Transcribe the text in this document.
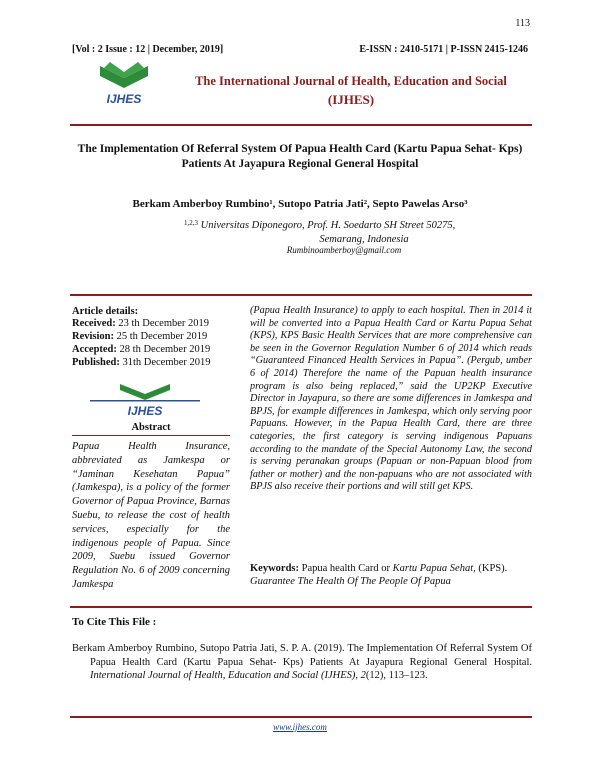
113
[Vol : 2 Issue : 12 | December, 2019]	E-ISSN : 2410-5171 | P-ISSN 2415-1246
IJHES
The International Journal of Health, Education and Social
(IJHES)
The Implementation Of Referral System Of Papua Health Card (Kartu Papua Sehat- Kps)
Patients At Jayapura Regional General Hospital
Berkam Amberboy Rumbino¹, Sutopo Patria Jati², Septo Pawelas Arso³
$^{1,2,3}$ Universitas Diponegoro, Prof. H. Soedarto SH Street 50275,
Semarang, Indonesia
Rumbinoamberboy@gmail.com
Article details:
Received: 23 th December 2019
Revision: 25 th December 2019
Accepted: 28 th December 2019
Published: 31th December 2019
IJHES
Abstract
Papua Health Insurance, abbreviated as Jamkespa or “Jaminan Kesehatan Papua” (Jamkespa), is a policy of the former Governor of Papua Province, Barnas Suebu, to release the cost of health services, especially for the indigenous people of Papua. Since 2009, Suebu issued Governor Regulation No. 6 of 2009 concerning Jamkespa
(Papua Health Insurance) to apply to each hospital. Then in 2014 it will be converted into a Papua Health Card or Kartu Papua Sehat (KPS), KPS Basic Health Services that are more comprehensive can be seen in the Governor Regulation Number 6 of 2014 which reads “Guaranteed Financed Health Services in Papua”. (Pergub, umber 6 of 2014) Therefore the name of the Papuan health insurance program is also being replaced,” said the UP2KP Executive Director in Jayapura, so there are some differences in Jamkespa and BPJS, for example differences in Jamkespa, which only serving poor Papuans. However, in the Papua Health Card, there are three categories, the first category is serving indigenous Papuans according to the mandate of the Special Autonomy Law, the second is serving peranakan groups (Papuan or non-Papuan blood from father or mother) and the non-papuans who are not associated with BPJS also receive their portions and will still get KPS.
Keywords: Papua health Card or Kartu Papua Sehat, (KPS). Guarantee The Health Of The People Of Papua
To Cite This File :
Berkam Amberboy Rumbino, Sutopo Patria Jati, S. P. A. (2019). The Implementation Of Referral System Of Papua Health Card (Kartu Papua Sehat- Kps) Patients At Jayapura Regional General Hospital. International Journal of Health, Education and Social (IJHES), 2(12), 113–123.
www.ijhes.com
